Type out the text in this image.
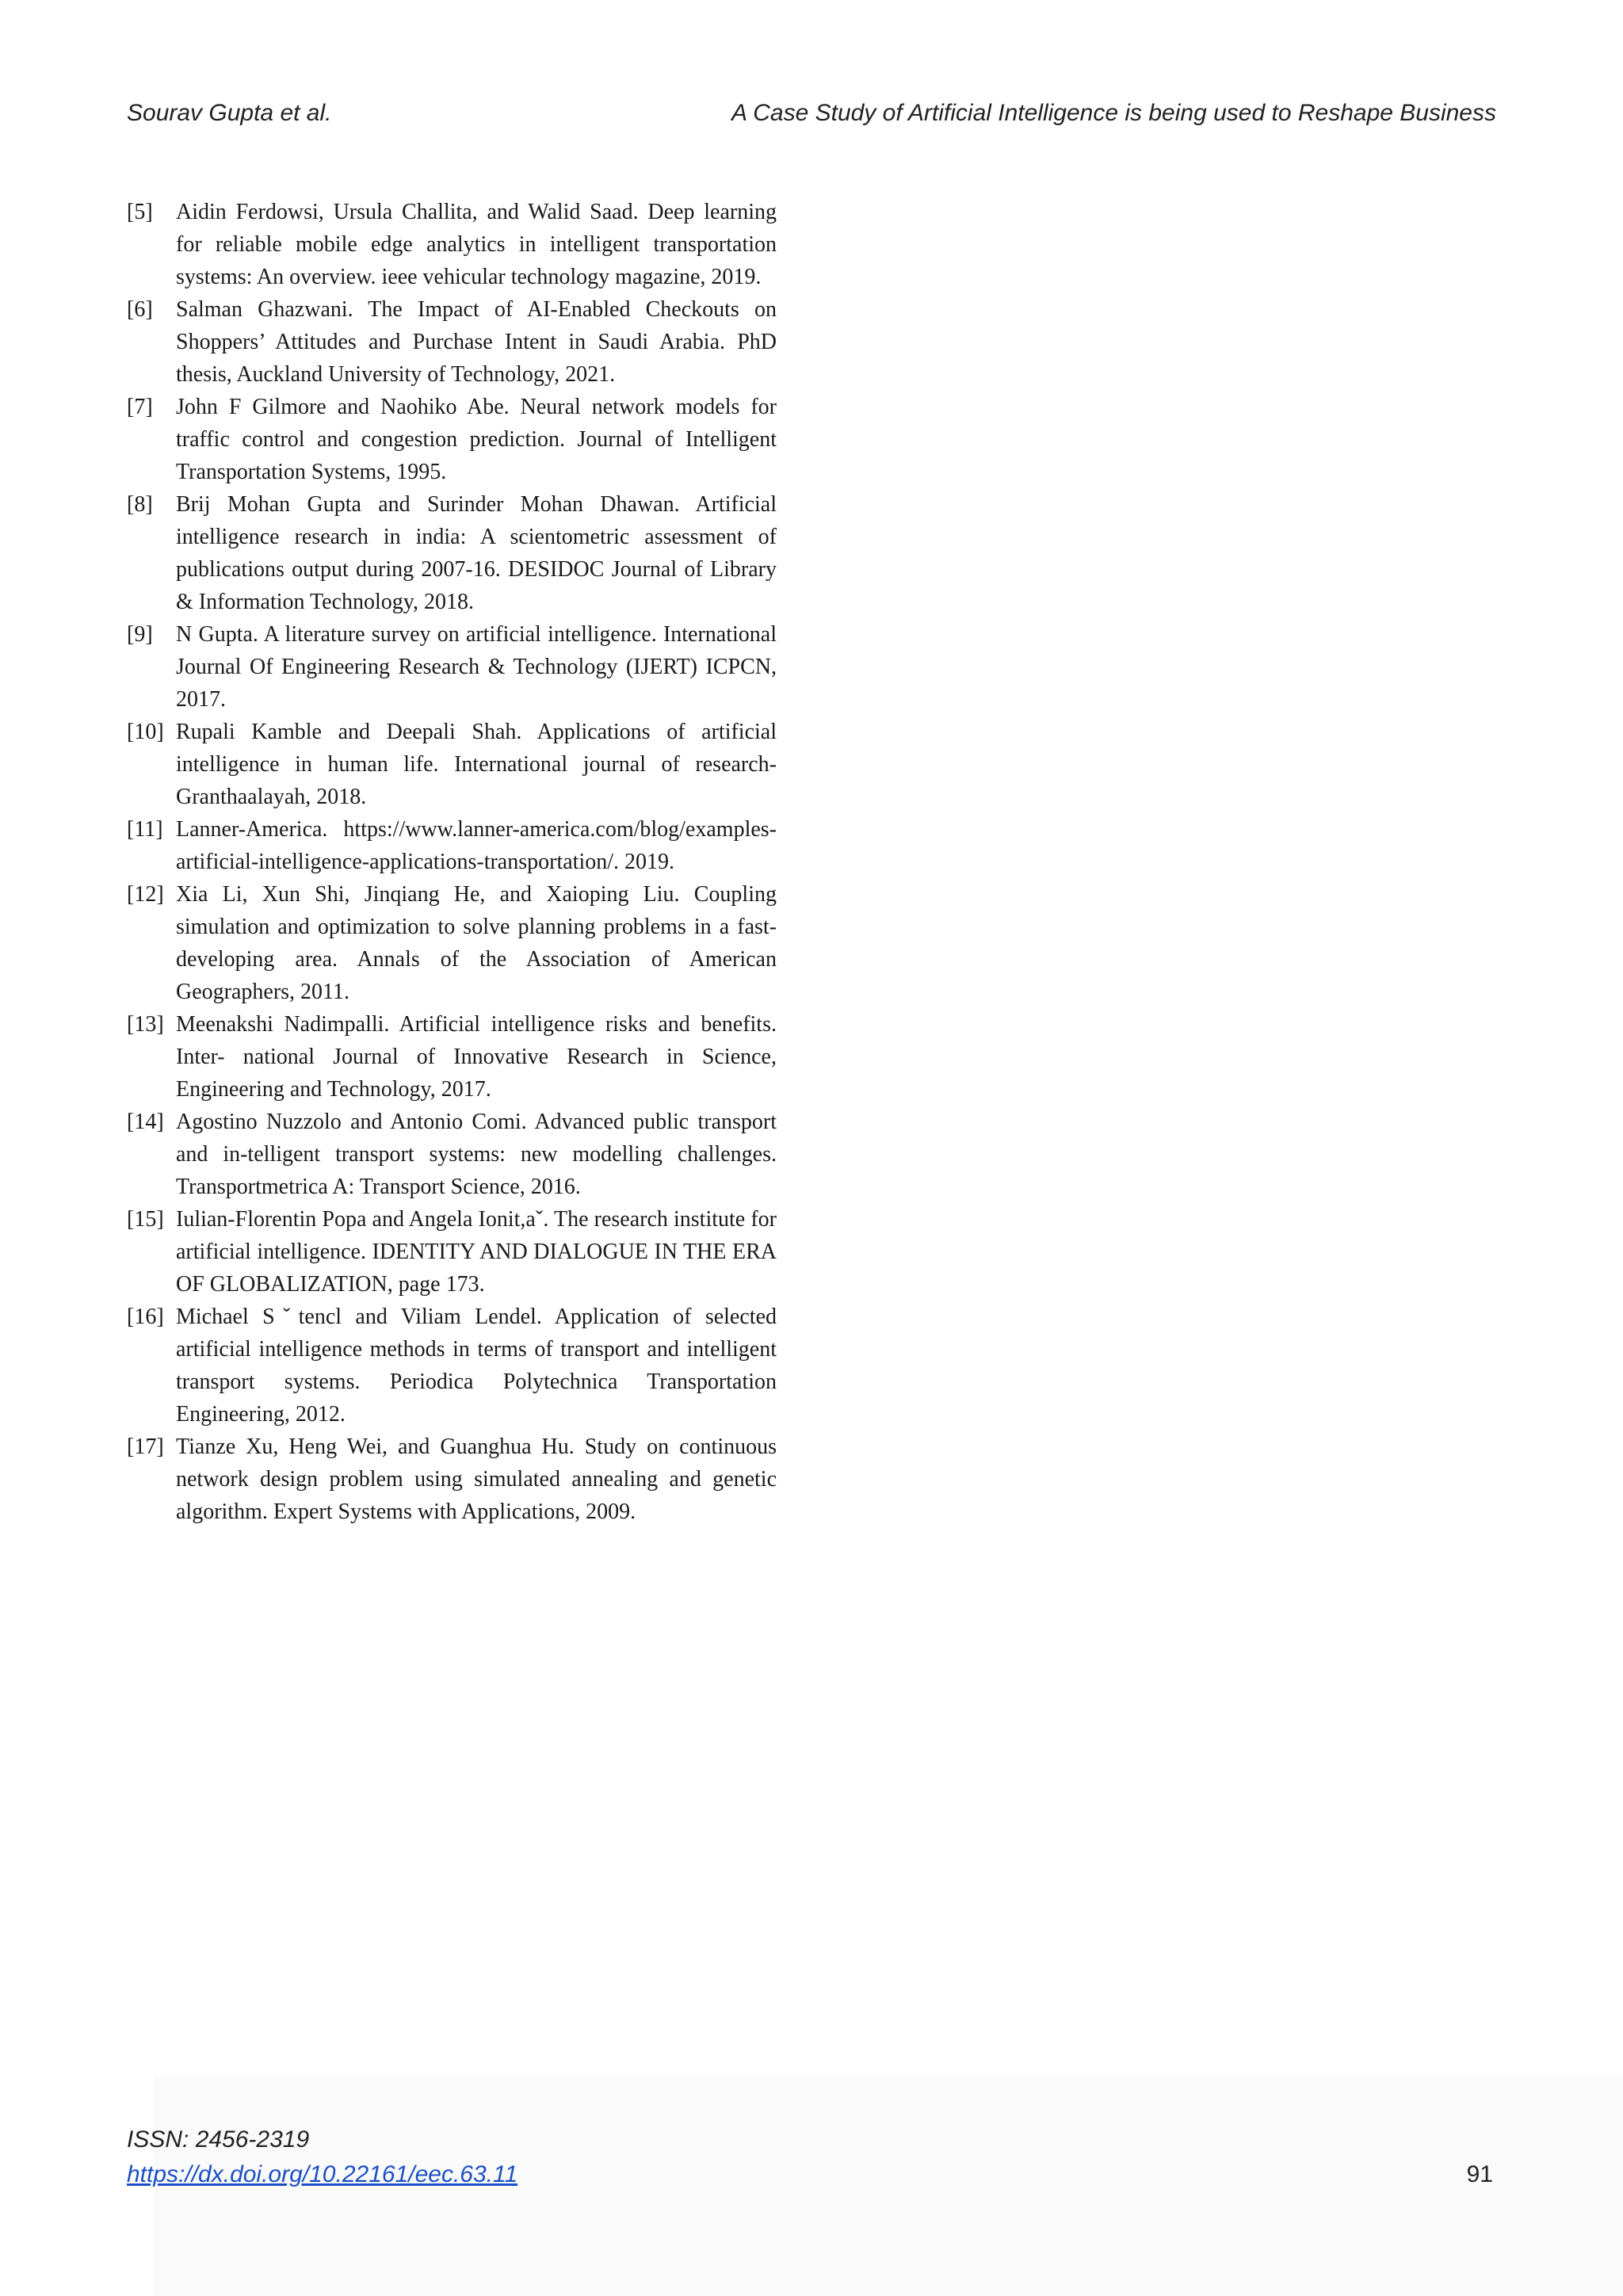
Sourav Gupta et al.	A Case Study of Artificial Intelligence is being used to Reshape Business
[5] Aidin Ferdowsi, Ursula Challita, and Walid Saad. Deep learning for reliable mobile edge analytics in intelligent transportation systems: An overview. ieee vehicular technology magazine, 2019.
[6] Salman Ghazwani. The Impact of AI-Enabled Checkouts on Shoppers’ Attitudes and Purchase Intent in Saudi Arabia. PhD thesis, Auckland University of Technology, 2021.
[7] John F Gilmore and Naohiko Abe. Neural network models for traffic control and congestion prediction. Journal of Intelligent Transportation Systems, 1995.
[8] Brij Mohan Gupta and Surinder Mohan Dhawan. Artificial intelligence research in india: A scientometric assessment of publications output during 2007-16. DESIDOC Journal of Library & Information Technology, 2018.
[9] N Gupta. A literature survey on artificial intelligence. International Journal Of Engineering Research & Technology (IJERT) ICPCN, 2017.
[10] Rupali Kamble and Deepali Shah. Applications of artificial intelligence in human life. International journal of research-Granthaalayah, 2018.
[11] Lanner-America. https://www.lanner-america.com/blog/examples- artificial-intelligence-applications-transportation/. 2019.
[12] Xia Li, Xun Shi, Jinqiang He, and Xaioping Liu. Coupling simulation and optimization to solve planning problems in a fast-developing area. Annals of the Association of American Geographers, 2011.
[13] Meenakshi Nadimpalli. Artificial intelligence risks and benefits. Inter- national Journal of Innovative Research in Science, Engineering and Technology, 2017.
[14] Agostino Nuzzolo and Antonio Comi. Advanced public transport and in-telligent transport systems: new modelling challenges. Transportmetrica A: Transport Science, 2016.
[15] Iulian-Florentin Popa and Angela Ionit,aˇ. The research institute for artificial intelligence. IDENTITY AND DIALOGUE IN THE ERA OF GLOBALIZATION, page 173.
[16] Michael Sˇtencl and Viliam Lendel. Application of selected artificial intelligence methods in terms of transport and intelligent transport systems. Periodica Polytechnica Transportation Engineering, 2012.
[17] Tianze Xu, Heng Wei, and Guanghua Hu. Study on continuous network design problem using simulated annealing and genetic algorithm. Expert Systems with Applications, 2009.
ISSN: 2456-2319
https://dx.doi.org/10.22161/eec.63.11	91
